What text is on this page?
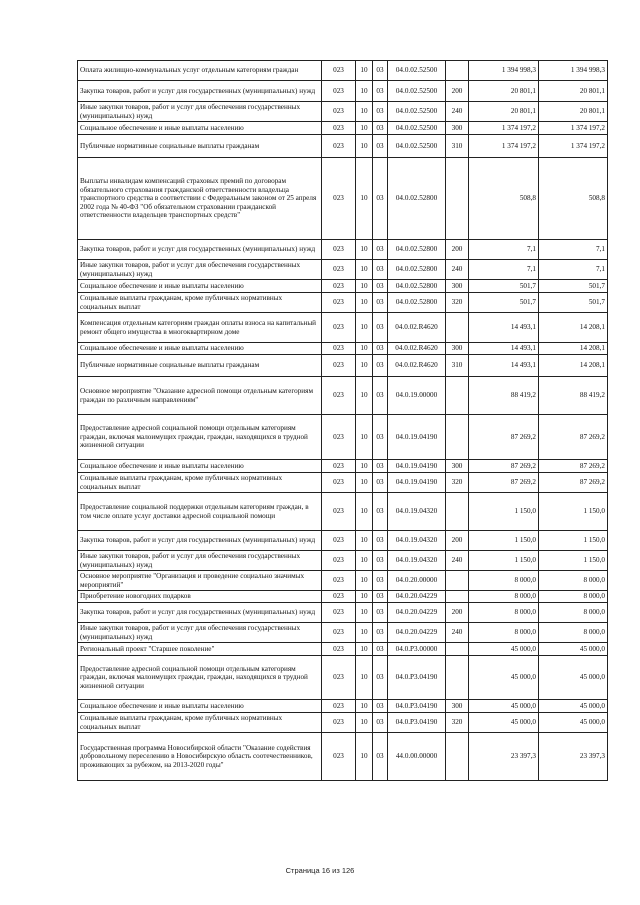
Оплата жилищно-коммунальных услуг отдельным категориям граждан	023	10	03	04.0.02.52500		1 394 998,3	1 394 998,3
Закупка товаров, работ и услуг для государственных (муниципальных) нужд	023	10	03	04.0.02.52500	200	20 801,1	20 801,1
Иные закупки товаров, работ и услуг для обеспечения государственных (муниципальных) нужд	023	10	03	04.0.02.52500	240	20 801,1	20 801,1
Социальное обеспечение и иные выплаты населению	023	10	03	04.0.02.52500	300	1 374 197,2	1 374 197,2
Публичные нормативные социальные выплаты гражданам	023	10	03	04.0.02.52500	310	1 374 197,2	1 374 197,2
Выплаты инвалидам компенсаций страховых премий по договорам обязательного страхования гражданской ответственности владельца транспортного средства в соответствии с Федеральным законом от 25 апреля 2002 года № 40-ФЗ "Об обязательном страховании гражданской ответственности владельцев транспортных средств"	023	10	03	04.0.02.52800		508,8	508,8
Закупка товаров, работ и услуг для государственных (муниципальных) нужд	023	10	03	04.0.02.52800	200	7,1	7,1
Иные закупки товаров, работ и услуг для обеспечения государственных (муниципальных) нужд	023	10	03	04.0.02.52800	240	7,1	7,1
Социальное обеспечение и иные выплаты населению	023	10	03	04.0.02.52800	300	501,7	501,7
Социальные выплаты гражданам, кроме публичных нормативных социальных выплат	023	10	03	04.0.02.52800	320	501,7	501,7
Компенсация отдельным категориям граждан оплаты взноса на капитальный ремонт общего имущества в многоквартирном доме	023	10	03	04.0.02.R4620		14 493,1	14 208,1
Социальное обеспечение и иные выплаты населению	023	10	03	04.0.02.R4620	300	14 493,1	14 208,1
Публичные нормативные социальные выплаты гражданам	023	10	03	04.0.02.R4620	310	14 493,1	14 208,1
Основное мероприятие "Оказание адресной помощи отдельным категориям граждан по различным направлениям"	023	10	03	04.0.19.00000		88 419,2	88 419,2
Предоставление адресной социальной помощи отдельным категориям граждан, включая малоимущих граждан, граждан, находящихся в трудной жизненной ситуации	023	10	03	04.0.19.04190		87 269,2	87 269,2
Социальное обеспечение и иные выплаты населению	023	10	03	04.0.19.04190	300	87 269,2	87 269,2
Социальные выплаты гражданам, кроме публичных нормативных социальных выплат	023	10	03	04.0.19.04190	320	87 269,2	87 269,2
Предоставление социальной поддержки отдельным категориям граждан, в том числе оплате услуг доставки адресной социальной помощи	023	10	03	04.0.19.04320		1 150,0	1 150,0
Закупка товаров, работ и услуг для государственных (муниципальных) нужд	023	10	03	04.0.19.04320	200	1 150,0	1 150,0
Иные закупки товаров, работ и услуг для обеспечения государственных (муниципальных) нужд	023	10	03	04.0.19.04320	240	1 150,0	1 150,0
Основное мероприятие "Организация и проведение социально значимых мероприятий"	023	10	03	04.0.20.00000		8 000,0	8 000,0
Приобретение новогодних подарков	023	10	03	04.0.20.04229		8 000,0	8 000,0
Закупка товаров, работ и услуг для государственных (муниципальных) нужд	023	10	03	04.0.20.04229	200	8 000,0	8 000,0
Иные закупки товаров, работ и услуг для обеспечения государственных (муниципальных) нужд	023	10	03	04.0.20.04229	240	8 000,0	8 000,0
Региональный проект "Старшее поколение"	023	10	03	04.0.P3.00000		45 000,0	45 000,0
Предоставление адресной социальной помощи отдельным категориям граждан, включая малоимущих граждан, граждан, находящихся в трудной жизненной ситуации	023	10	03	04.0.P3.04190		45 000,0	45 000,0
Социальное обеспечение и иные выплаты населению	023	10	03	04.0.P3.04190	300	45 000,0	45 000,0
Социальные выплаты гражданам, кроме публичных нормативных социальных выплат	023	10	03	04.0.P3.04190	320	45 000,0	45 000,0
Государственная программа Новосибирской области "Оказание содействия добровольному переселению в Новосибирскую область соотечественников, проживающих за рубежом, на 2013-2020 годы"	023	10	03	44.0.00.00000		23 397,3	23 397,3
Страница 16 из 126
